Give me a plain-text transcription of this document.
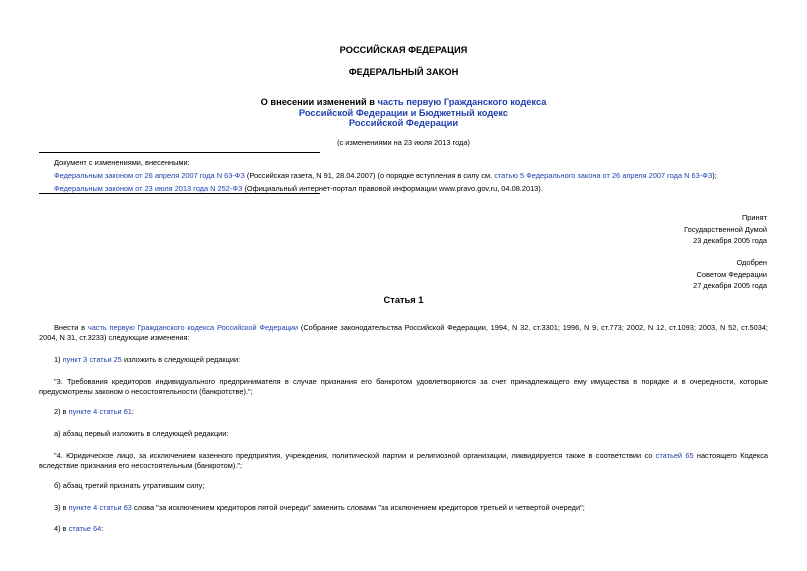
РОССИЙСКАЯ ФЕДЕРАЦИЯ
ФЕДЕРАЛЬНЫЙ ЗАКОН
О внесении изменений в часть первую Гражданского кодекса
Российской Федерации и Бюджетный кодекс
Российской Федерации
(с изменениями на 23 июля 2013 года)
Документ с изменениями, внесенными:
Федеральным законом от 26 апреля 2007 года N 63-ФЗ (Российская газета, N 91, 28.04.2007) (о порядке вступления в силу см. статью 5 Федерального закона от 26 апреля 2007 года N 63-ФЗ);
Федеральным законом от 23 июля 2013 года N 252-ФЗ (Официальный интернет-портал правовой информации www.pravo.gov.ru, 04.08.2013).
Принят
Государственной Думой
23 декабря 2005 года
Одобрен
Советом Федерации
27 декабря 2005 года
Статья 1
Внести в часть первую Гражданского кодекса Российской Федерации (Собрание законодательства Российской Федерации, 1994, N 32, ст.3301; 1996, N 9, ст.773; 2002, N 12, ст.1093; 2003, N 52, ст.5034; 2004, N 31, ст.3233) следующие изменения:
1) пункт 3 статьи 25 изложить в следующей редакции:
"3. Требования кредиторов индивидуального предпринимателя в случае признания его банкротом удовлетворяются за счет принадлежащего ему имущества в порядке и в очередности, которые предусмотрены законом о несостоятельности (банкротстве).";
2) в пункте 4 статьи 61:
а) абзац первый изложить в следующей редакции:
"4. Юридическое лицо, за исключением казенного предприятия, учреждения, политической партии и религиозной организации, ликвидируется также в соответствии со статьей 65 настоящего Кодекса вследствие признания его несостоятельным (банкротом).";
б) абзац третий признать утратившим силу;
3) в пункте 4 статьи 63 слова "за исключением кредиторов пятой очереди" заменить словами "за исключением кредиторов третьей и четвертой очереди";
4) в статье 64:
